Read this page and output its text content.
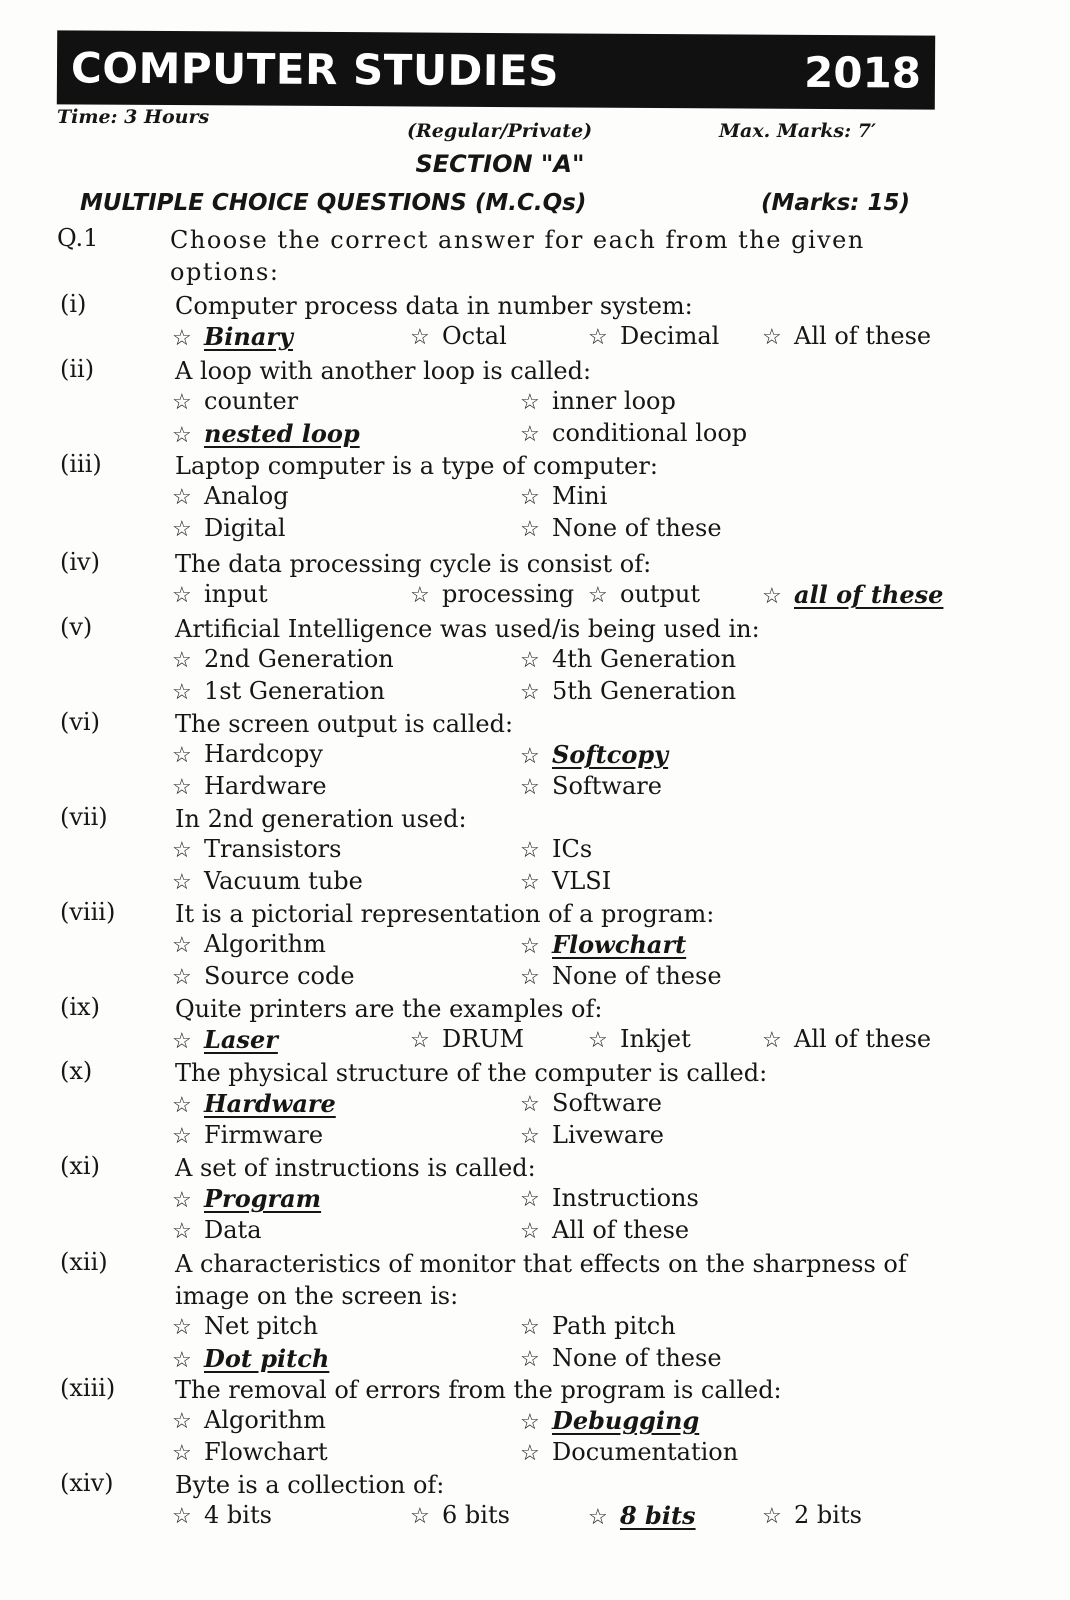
COMPUTER STUDIES	2018
Time: 3 Hours
(Regular/Private)	Max. Marks: 7′
SECTION "A"
MULTIPLE CHOICE QUESTIONS (M.C.Qs)	(Marks: 15)
Q.1	Choose the correct answer for each from the given options:
(i)	Computer process data in number system:
☆ Binary	☆ Octal	☆ Decimal ☆ All of these
(ii)	A loop with another loop is called:
☆ counter	☆ inner loop
☆ nested loop	☆ conditional loop
(iii)	Laptop computer is a type of computer:
☆ Analog	☆ Mini
☆ Digital	☆ None of these
(iv)	The data processing cycle is consist of:
☆ input	☆ processing ☆ output	☆ all of these
(v)	Artificial Intelligence was used/is being used in:
☆ 2nd Generation	☆ 4th Generation
☆ 1st Generation	☆ 5th Generation
(vi)	The screen output is called:
☆ Hardcopy	☆ Softcopy
☆ Hardware	☆ Software
(vii)	In 2nd generation used:
☆ Transistors	☆ ICs
☆ Vacuum tube	☆ VLSI
(viii)	It is a pictorial representation of a program:
☆ Algorithm	☆ Flowchart
☆ Source code	☆ None of these
(ix)	Quite printers are the examples of:
☆ Laser	☆ DRUM	☆ Inkjet	☆ All of these
(x)	The physical structure of the computer is called:
☆ Hardware	☆ Software
☆ Firmware	☆ Liveware
(xi)	A set of instructions is called:
☆ Program	☆ Instructions
☆ Data	☆ All of these
(xii)	A characteristics of monitor that effects on the sharpness of image on the screen is:
☆ Net pitch	☆ Path pitch
☆ Dot pitch	☆ None of these
(xiii)	The removal of errors from the program is called:
☆ Algorithm	☆ Debugging
☆ Flowchart	☆ Documentation
(xiv)	Byte is a collection of:
☆ 4 bits	☆ 6 bits	☆ 8 bits	☆ 2 bits
